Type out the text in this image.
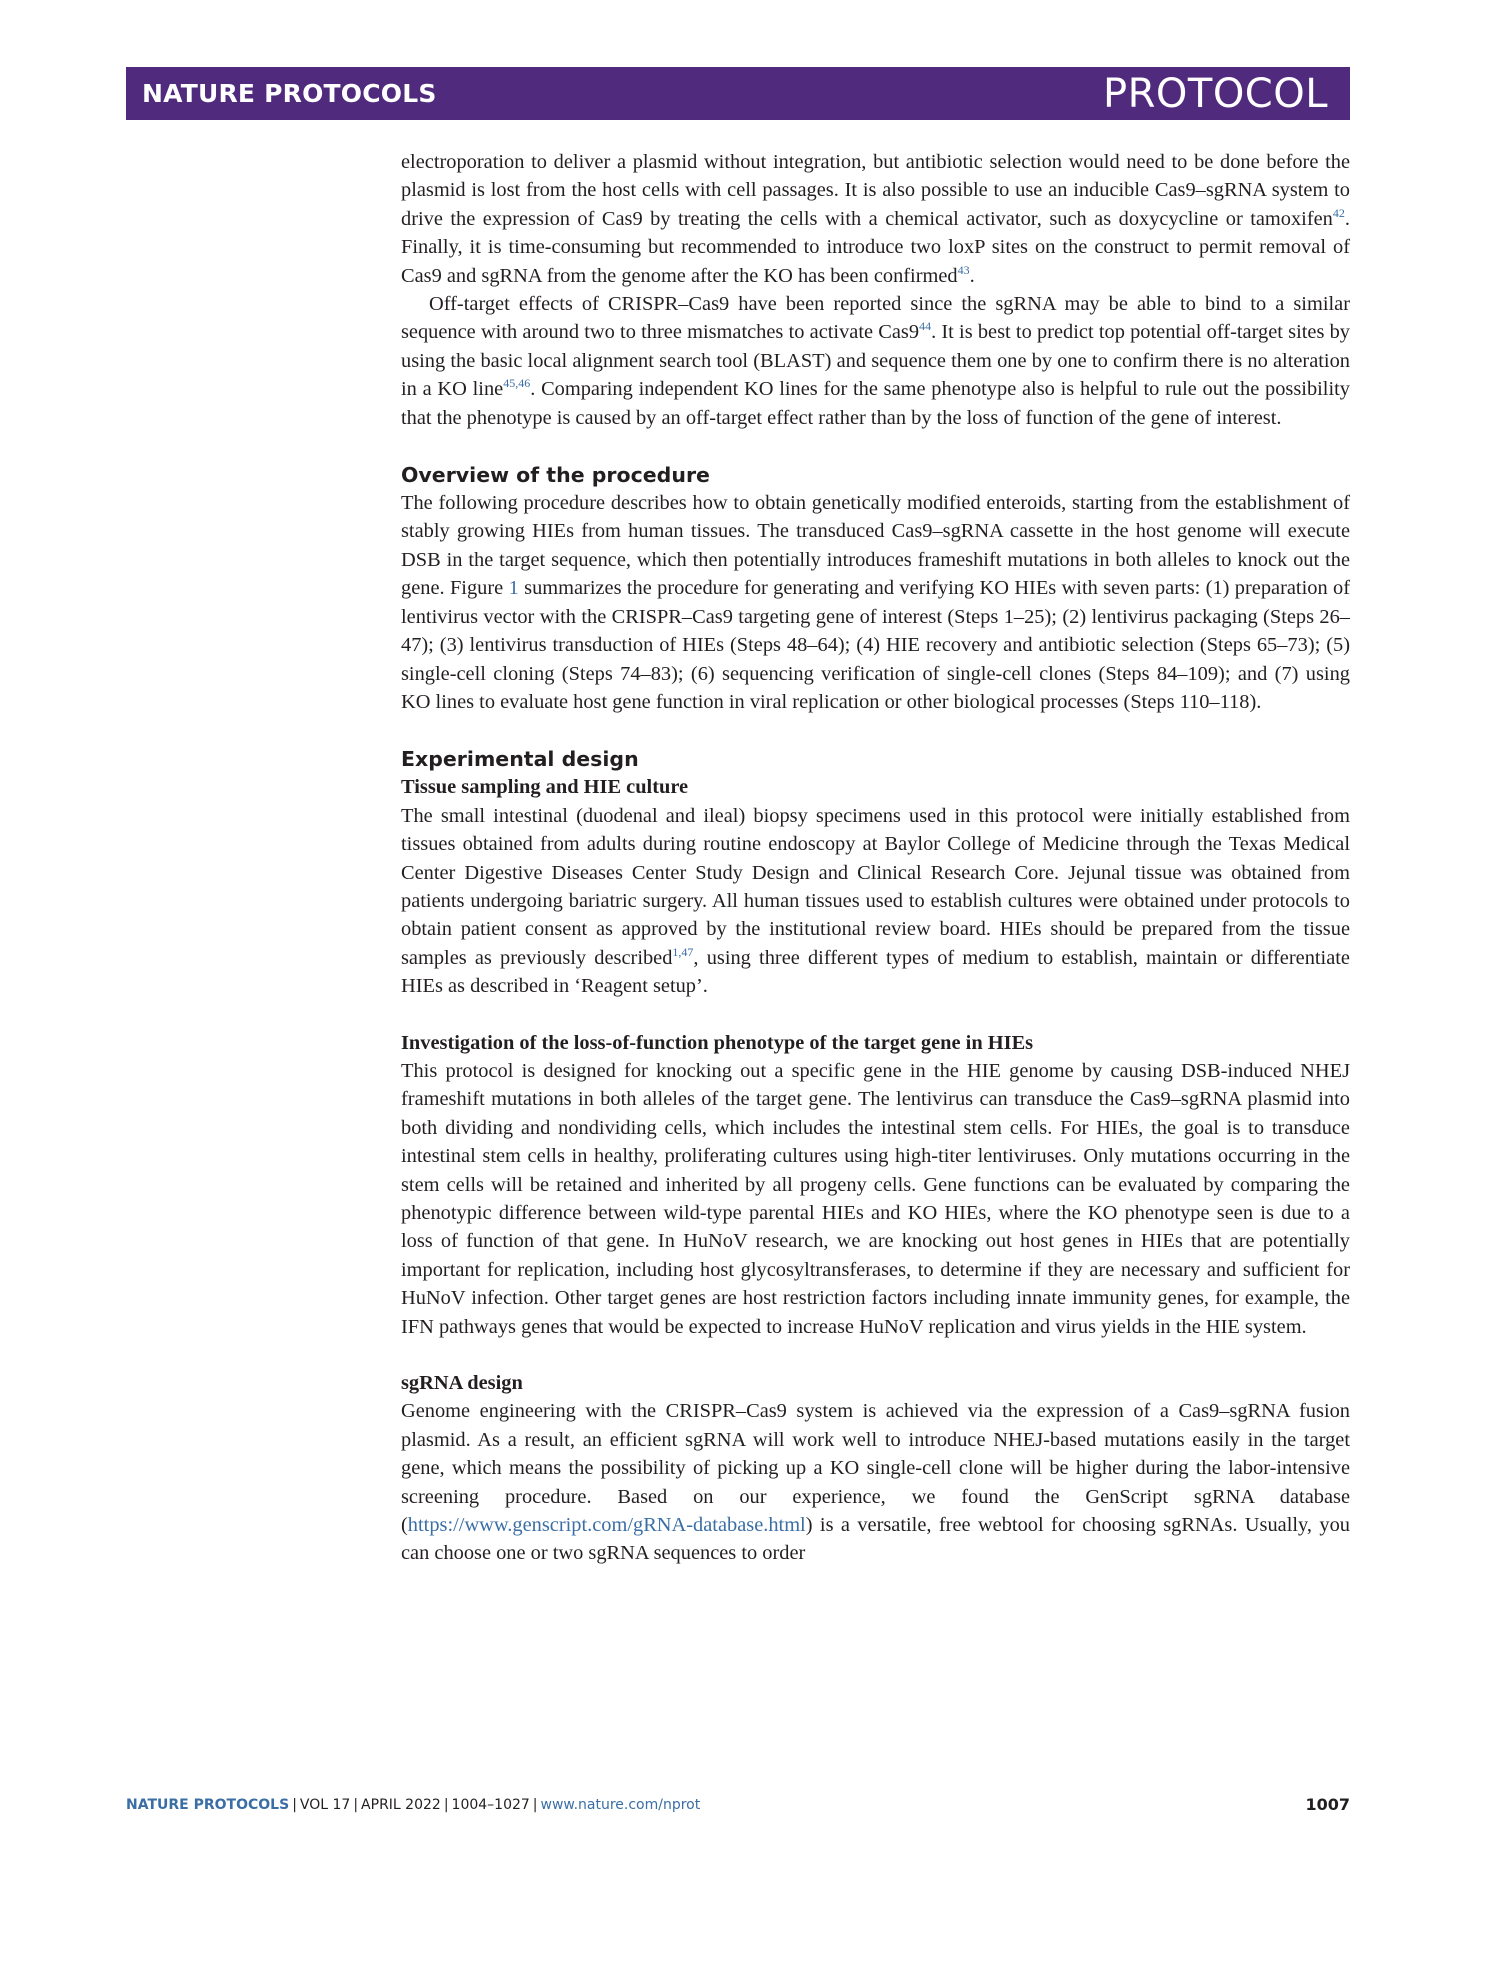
NATURE PROTOCOLS	PROTOCOL

electroporation to deliver a plasmid without integration, but antibiotic selection would need to be done before the plasmid is lost from the host cells with cell passages. It is also possible to use an inducible Cas9–sgRNA system to drive the expression of Cas9 by treating the cells with a chemical activator, such as doxycycline or tamoxifen$^{42}$. Finally, it is time-consuming but recommended to introduce two loxP sites on the construct to permit removal of Cas9 and sgRNA from the genome after the KO has been confirmed$^{43}$.

Off-target effects of CRISPR–Cas9 have been reported since the sgRNA may be able to bind to a similar sequence with around two to three mismatches to activate Cas9$^{44}$. It is best to predict top potential off-target sites by using the basic local alignment search tool (BLAST) and sequence them one by one to confirm there is no alteration in a KO line$^{45,46}$. Comparing independent KO lines for the same phenotype also is helpful to rule out the possibility that the phenotype is caused by an off-target effect rather than by the loss of function of the gene of interest.

Overview of the procedure

The following procedure describes how to obtain genetically modified enteroids, starting from the establishment of stably growing HIEs from human tissues. The transduced Cas9–sgRNA cassette in the host genome will execute DSB in the target sequence, which then potentially introduces frameshift mutations in both alleles to knock out the gene. Figure 1 summarizes the procedure for generating and verifying KO HIEs with seven parts: (1) preparation of lentivirus vector with the CRISPR–Cas9 targeting gene of interest (Steps 1–25); (2) lentivirus packaging (Steps 26–47); (3) lentivirus transduction of HIEs (Steps 48–64); (4) HIE recovery and antibiotic selection (Steps 65–73); (5) single-cell cloning (Steps 74–83); (6) sequencing verification of single-cell clones (Steps 84–109); and (7) using KO lines to evaluate host gene function in viral replication or other biological processes (Steps 110–118).

Experimental design
Tissue sampling and HIE culture

The small intestinal (duodenal and ileal) biopsy specimens used in this protocol were initially established from tissues obtained from adults during routine endoscopy at Baylor College of Medicine through the Texas Medical Center Digestive Diseases Center Study Design and Clinical Research Core. Jejunal tissue was obtained from patients undergoing bariatric surgery. All human tissues used to establish cultures were obtained under protocols to obtain patient consent as approved by the institutional review board. HIEs should be prepared from the tissue samples as previously described$^{1,47}$, using three different types of medium to establish, maintain or differentiate HIEs as described in ‘Reagent setup’.

Investigation of the loss-of-function phenotype of the target gene in HIEs

This protocol is designed for knocking out a specific gene in the HIE genome by causing DSB-induced NHEJ frameshift mutations in both alleles of the target gene. The lentivirus can transduce the Cas9–sgRNA plasmid into both dividing and nondividing cells, which includes the intestinal stem cells. For HIEs, the goal is to transduce intestinal stem cells in healthy, proliferating cultures using high-titer lentiviruses. Only mutations occurring in the stem cells will be retained and inherited by all progeny cells. Gene functions can be evaluated by comparing the phenotypic difference between wild-type parental HIEs and KO HIEs, where the KO phenotype seen is due to a loss of function of that gene. In HuNoV research, we are knocking out host genes in HIEs that are potentially important for replication, including host glycosyltransferases, to determine if they are necessary and sufficient for HuNoV infection. Other target genes are host restriction factors including innate immunity genes, for example, the IFN pathways genes that would be expected to increase HuNoV replication and virus yields in the HIE system.

sgRNA design

Genome engineering with the CRISPR–Cas9 system is achieved via the expression of a Cas9–sgRNA fusion plasmid. As a result, an efficient sgRNA will work well to introduce NHEJ-based mutations easily in the target gene, which means the possibility of picking up a KO single-cell clone will be higher during the labor-intensive screening procedure. Based on our experience, we found the GenScript sgRNA database (https://www.genscript.com/gRNA-database.html) is a versatile, free webtool for choosing sgRNAs. Usually, you can choose one or two sgRNA sequences to order

NATURE PROTOCOLS | VOL 17 | APRIL 2022 | 1004–1027 | www.nature.com/nprot	1007
